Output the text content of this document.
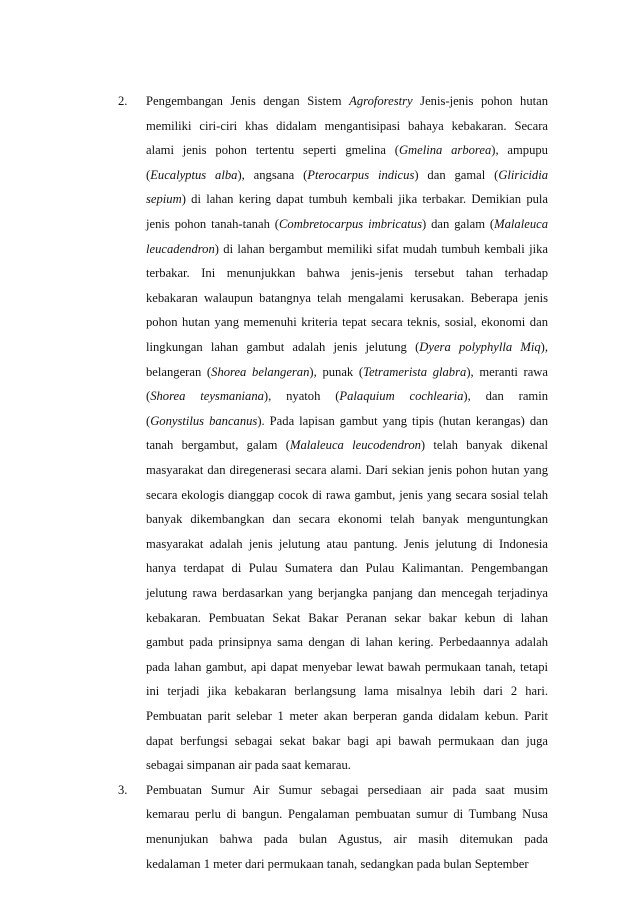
2. Pengembangan Jenis dengan Sistem Agroforestry Jenis-jenis pohon hutan
memiliki ciri-ciri khas didalam mengantisipasi bahaya kebakaran. Secara
alami jenis pohon tertentu seperti gmelina (Gmelina arborea), ampupu
(Eucalyptus alba), angsana (Pterocarpus indicus) dan gamal (Gliricidia
sepium) di lahan kering dapat tumbuh kembali jika terbakar. Demikian pula
jenis pohon tanah-tanah (Combretocarpus imbricatus) dan galam (Malaleuca
leucadendron) di lahan bergambut memiliki sifat mudah tumbuh kembali jika
terbakar. Ini menunjukkan bahwa jenis-jenis tersebut tahan terhadap
kebakaran walaupun batangnya telah mengalami kerusakan. Beberapa jenis
pohon hutan yang memenuhi kriteria tepat secara teknis, sosial, ekonomi dan
lingkungan lahan gambut adalah jenis jelutung (Dyera polyphylla Miq),
belangeran (Shorea belangeran), punak (Tetrameristа glabra), meranti rawa
(Shorea teysmaniana), nyatoh (Palaquium cochlearia), dan ramin
(Gonystilus bancanus). Pada lapisan gambut yang tipis (hutan kerangas) dan
tanah bergambut, galam (Malaleuca leucodendron) telah banyak dikenal
masyarakat dan diregenerasi secara alami. Dari sekian jenis pohon hutan yang
secara ekologis dianggap cocok di rawa gambut, jenis yang secara sosial telah
banyak dikembangkan dan secara ekonomi telah banyak menguntungkan
masyarakat adalah jenis jelutung atau pantung. Jenis jelutung di Indonesia
hanya terdapat di Pulau Sumatera dan Pulau Kalimantan. Pengembangan
jelutung rawa berdasarkan yang berjangka panjang dan mencegah terjadinya
kebakaran. Pembuatan Sekat Bakar Peranan sekar bakar kebun di lahan
gambut pada prinsipnya sama dengan di lahan kering. Perbedaannya adalah
pada lahan gambut, api dapat menyebar lewat bawah permukaan tanah, tetapi
ini terjadi jika kebakaran berlangsung lama misalnya lebih dari 2 hari.
Pembuatan parit selebar 1 meter akan berperan ganda didalam kebun. Parit
dapat berfungsi sebagai sekat bakar bagi api bawah permukaan dan juga
sebagai simpanan air pada saat kemarau.
3. Pembuatan Sumur Air Sumur sebagai persediaan air pada saat musim
kemarau perlu di bangun. Pengalaman pembuatan sumur di Tumbang Nusa
menunjukan bahwa pada bulan Agustus, air masih ditemukan pada
kedalaman 1 meter dari permukaan tanah, sedangkan pada bulan September
